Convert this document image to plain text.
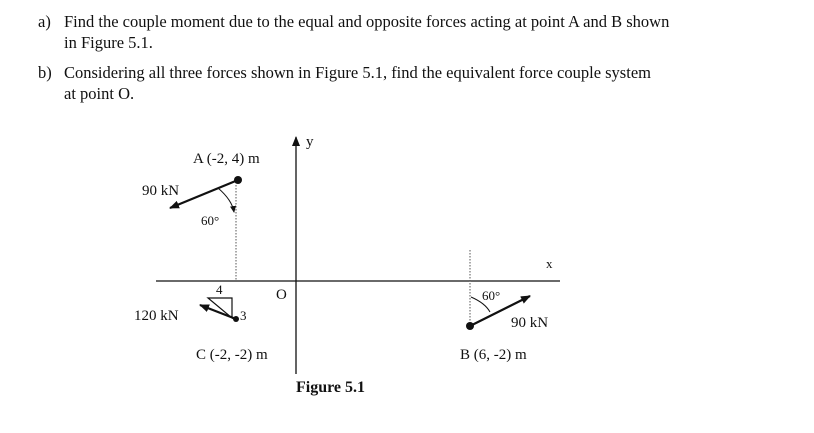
a) Find the couple moment due to the equal and opposite forces acting at point A and B shown
in Figure 5.1.
b) Considering all three forces shown in Figure 5.1, find the equivalent force couple system
at point O.
y
x
O
A (-2, 4) m
90 kN
60°
4
3
120 kN
C (-2, -2) m
60°
90 kN
B (6, -2) m
Figure 5.1
